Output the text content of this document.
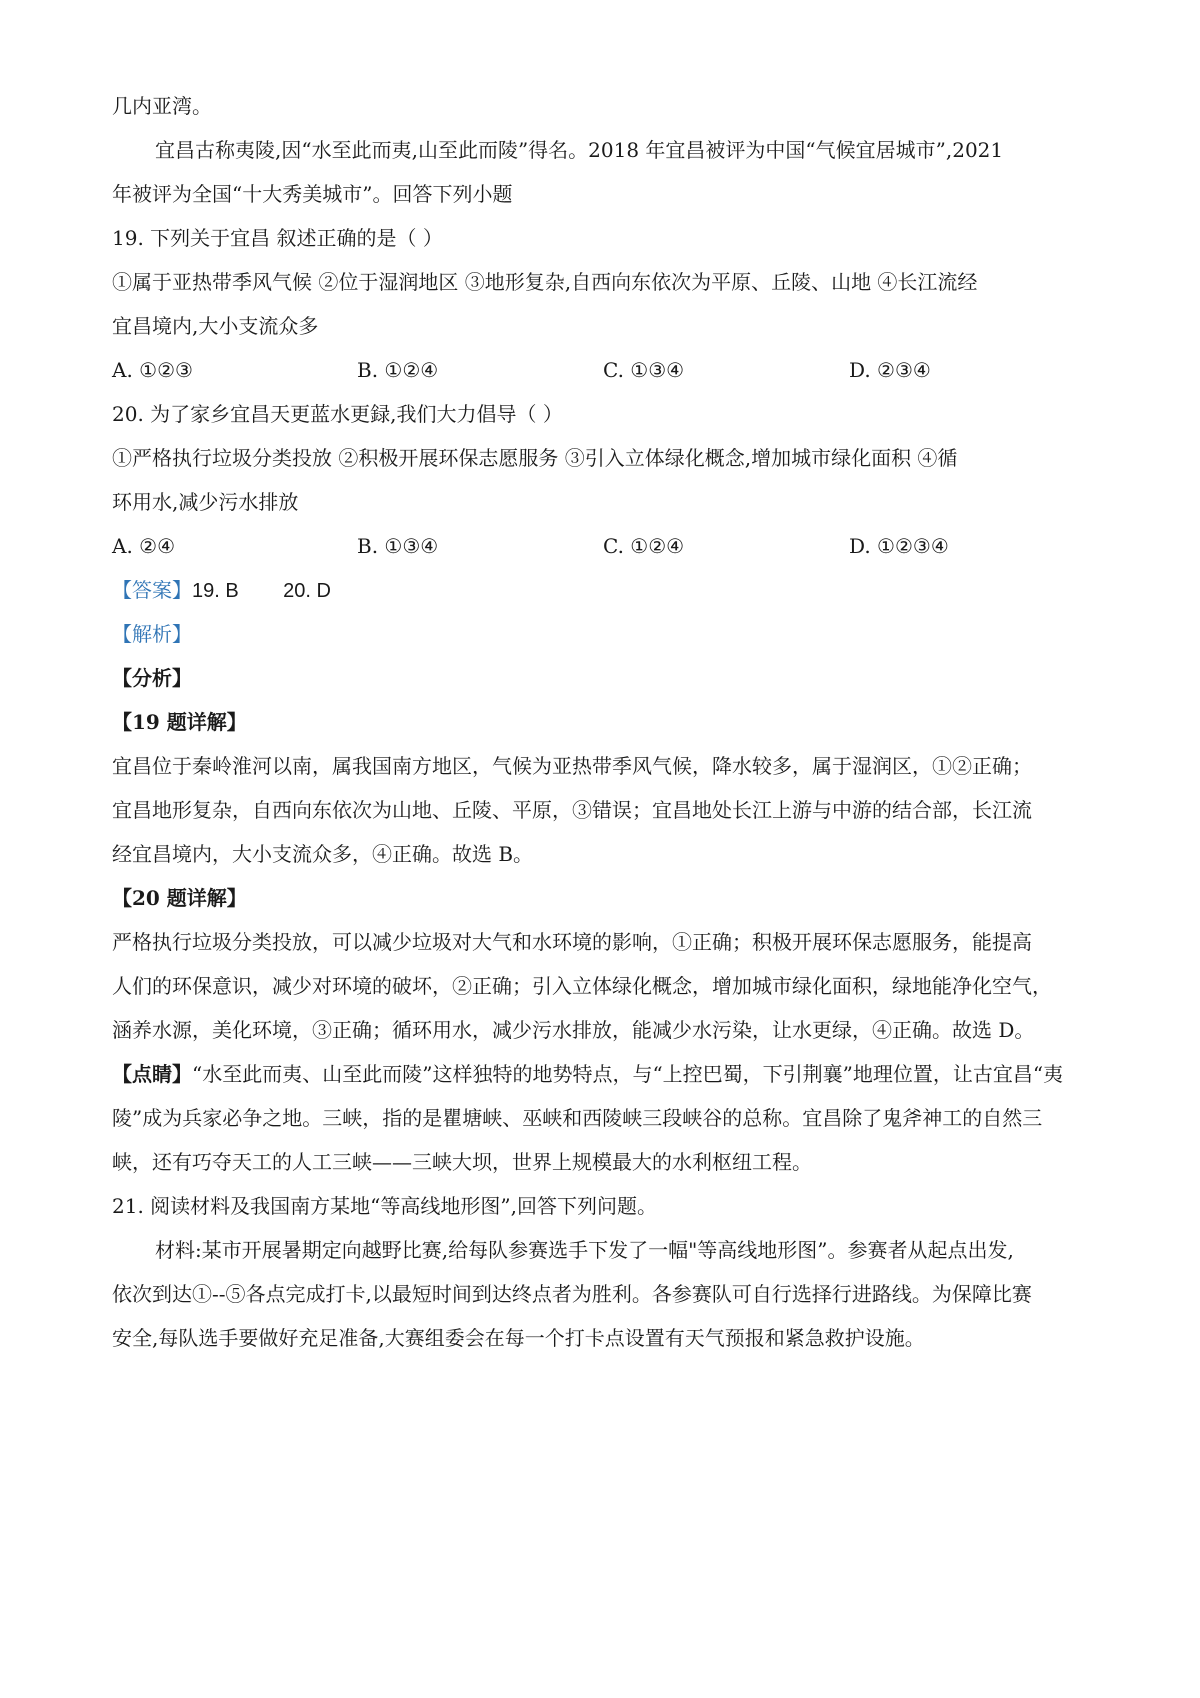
几内亚湾。
宜昌古称夷陵,因“水至此而夷,山至此而陵”得名。2018 年宜昌被评为中国“气候宜居城市”,2021
年被评为全国“十大秀美城市”。回答下列小题
19. 下列关于宜昌 叙述正确的是（ ）
①属于亚热带季风气候 ②位于湿润地区 ③地形复杂,自西向东依次为平原、丘陵、山地 ④长江流经
宜昌境内,大小支流众多
A. ①②③	B. ①②④	C. ①③④	D. ②③④
20. 为了家乡宜昌天更蓝水更録,我们大力倡导（ ）
①严格执行垃圾分类投放 ②积极开展环保志愿服务 ③引入立体绿化概念,增加城市绿化面积 ④循
环用水,减少污水排放
A. ②④	B. ①③④	C. ①②④	D. ①②③④
【答案】19. B        20. D
【解析】
【分析】
【19 题详解】
宜昌位于秦岭淮河以南，属我国南方地区，气候为亚热带季风气候，降水较多，属于湿润区，①②正确；
宜昌地形复杂，自西向东依次为山地、丘陵、平原，③错误；宜昌地处长江上游与中游的结合部，长江流
经宜昌境内，大小支流众多，④正确。故选 B。
【20 题详解】
严格执行垃圾分类投放，可以减少垃圾对大气和水环境的影响，①正确；积极开展环保志愿服务，能提高
人们的环保意识，减少对环境的破坏，②正确；引入立体绿化概念，增加城市绿化面积，绿地能净化空气，
涵养水源，美化环境，③正确；循环用水，减少污水排放，能减少水污染，让水更绿，④正确。故选 D。
【点睛】“水至此而夷、山至此而陵”这样独特的地势特点，与“上控巴蜀，下引荆襄”地理位置，让古宜昌“夷
陵”成为兵家必争之地。三峡，指的是瞿塘峡、巫峡和西陵峡三段峡谷的总称。宜昌除了鬼斧神工的自然三
峡，还有巧夺天工的人工三峡——三峡大坝，世界上规模最大的水利枢纽工程。
21. 阅读材料及我国南方某地“等高线地形图”,回答下列问题。
材料:某市开展暑期定向越野比赛,给每队参赛选手下发了一幅"等高线地形图”。参赛者从起点出发,
依次到达①--⑤各点完成打卡,以最短时间到达终点者为胜利。各参赛队可自行选择行进路线。为保障比赛
安全,每队选手要做好充足准备,大赛组委会在每一个打卡点设置有天气预报和紧急救护设施。
